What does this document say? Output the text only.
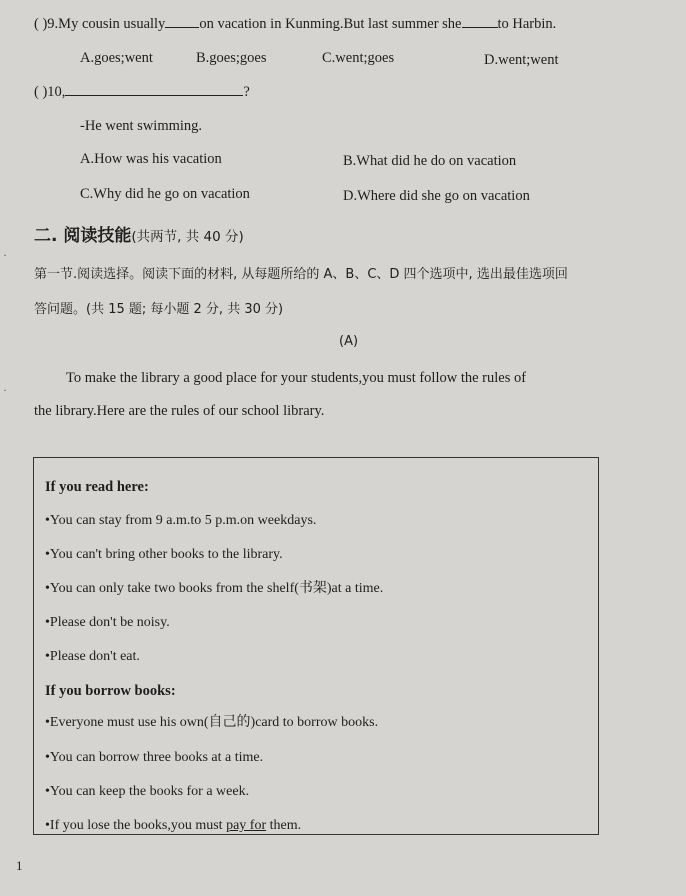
( )9.My cousin usually on vacation in Kunming.But last summer she to Harbin.
A.goes;went	B.goes;goes	C.went;goes	D.went;went
( )10,	?
-He went swimming.
A.How was his vacation	B.What did he do on vacation
C.Why did he go on vacation	D.Where did she go on vacation
二. 阅读技能(共两节, 共 40 分)
第一节.阅读选择。阅读下面的材料, 从每题所给的 A、B、C、D 四个选项中, 选出最佳选项回
答问题。(共 15 题; 每小题 2 分, 共 30 分)
(A)
To make the library a good place for your students,you must follow the rules of
the library.Here are the rules of our school library.
If you read here:
•You can stay from 9 a.m.to 5 p.m.on weekdays.
•You can't bring other books to the library.
•You can only take two books from the shelf(书架)at a time.
•Please don't be noisy.
•Please don't eat.
If you borrow books:
•Everyone must use his own(自己的)card to borrow books.
•You can borrow three books at a time.
•You can keep the books for a week.
•If you lose the books,you must pay for them.
1
·
·
